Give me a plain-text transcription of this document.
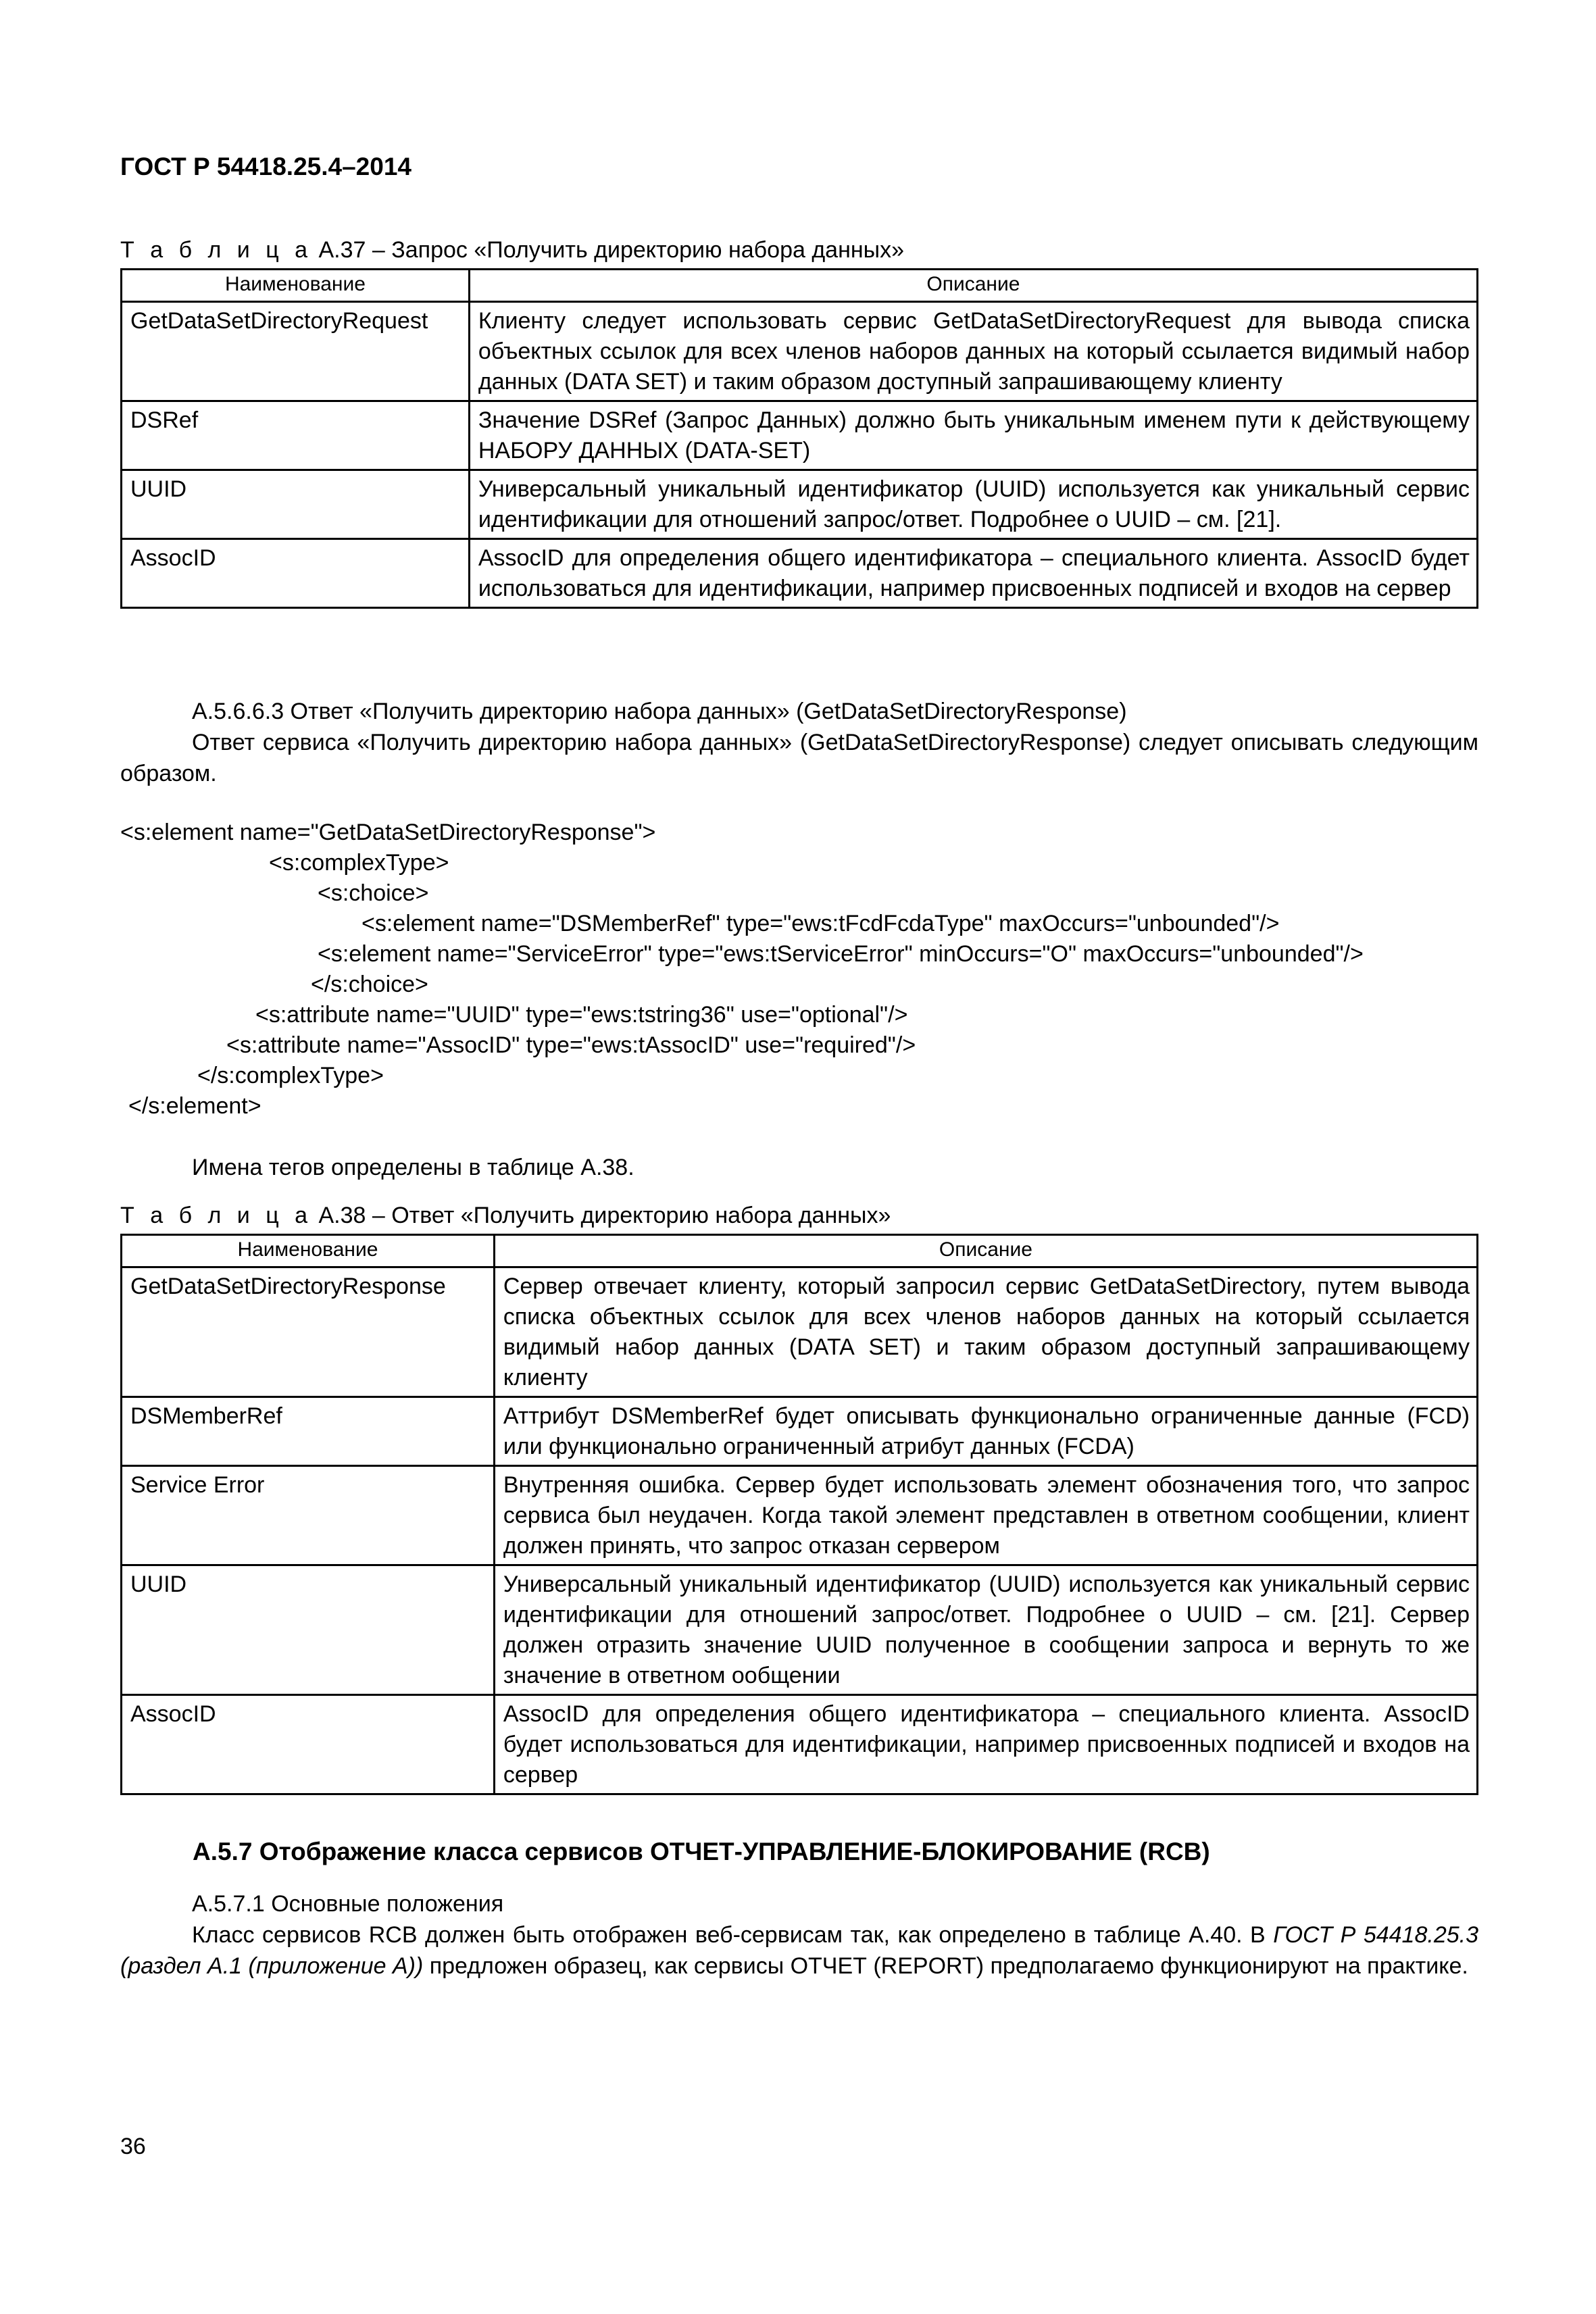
ГОСТ Р 54418.25.4–2014
Т а б л и ц а А.37 – Запрос «Получить директорию набора данных»
Наименование	Описание
GetDataSetDirectoryRequest	Клиенту следует использовать сервис GetDataSetDirectoryRequest для вывода списка объектных ссылок для всех членов наборов данных на который ссылается видимый набор данных (DATA SET) и таким образом доступный запрашивающему клиенту
DSRef	Значение DSRef (Запрос Данных) должно быть уникальным именем пути к действующему НАБОРУ ДАННЫХ (DATA-SET)
UUID	Универсальный уникальный идентификатор (UUID) используется как уникальный сервис идентификации для отношений запрос/ответ. Подробнее о UUID – см. [21].
AssocID	AssocID для определения общего идентификатора – специального клиента. AssocID будет использоваться для идентификации, например присвоенных подписей и входов на сервер
А.5.6.6.3 Ответ «Получить директорию набора данных» (GetDataSetDirectoryResponse)
Ответ сервиса «Получить директорию набора данных» (GetDataSetDirectoryResponse) следует описывать следующим образом.
<s:element name="GetDataSetDirectoryResponse">
<s:complexType>
<s:choice>
<s:element name="DSMemberRef" type="ews:tFcdFcdaType" maxOccurs="unbounded"/>
<s:element name="ServiceError" type="ews:tServiceError" minOccurs="O" maxOccurs="unbounded"/>
</s:choice>
<s:attribute name="UUID" type="ews:tstring36" use="optional"/>
<s:attribute name="AssocID" type="ews:tAssocID" use="required"/>
</s:complexType>
</s:element>
Имена тегов определены в таблице А.38.
Т а б л и ц а А.38 – Ответ «Получить директорию набора данных»
Наименование	Описание
GetDataSetDirectoryResponse	Сервер отвечает клиенту, который запросил сервис GetDataSetDirectory, путем вывода списка объектных ссылок для всех членов наборов данных на который ссылается видимый набор данных (DATA SET) и таким образом доступный запрашивающему клиенту
DSMemberRef	Аттрибут DSMemberRef будет описывать функционально ограниченные данные (FCD) или функционально ограниченный атрибут данных (FCDA)
Service Error	Внутренняя ошибка. Сервер будет использовать элемент обозначения того, что запрос сервиса был неудачен. Когда такой элемент представлен в ответном сообщении, клиент должен принять, что запрос отказан сервером
UUID	Универсальный уникальный идентификатор (UUID) используется как уникальный сервис идентификации для отношений запрос/ответ. Подробнее о UUID – см. [21]. Сервер должен отразить значение UUID полученное в сообщении запроса и вернуть то же значение в ответном ообщении
AssocID	AssocID для определения общего идентификатора – специального клиента. AssocID будет использоваться для идентификации, например присвоенных подписей и входов на сервер
А.5.7 Отображение класса сервисов ОТЧЕТ-УПРАВЛЕНИЕ-БЛОКИРОВАНИЕ (RCB)
А.5.7.1 Основные положения
Класс сервисов RCB должен быть отображен веб-сервисам так, как определено в таблице А.40. В ГОСТ Р 54418.25.3 (раздел А.1 (приложение А)) предложен образец, как сервисы ОТЧЕТ (REPORT) предполагаемо функционируют на практике.
36
